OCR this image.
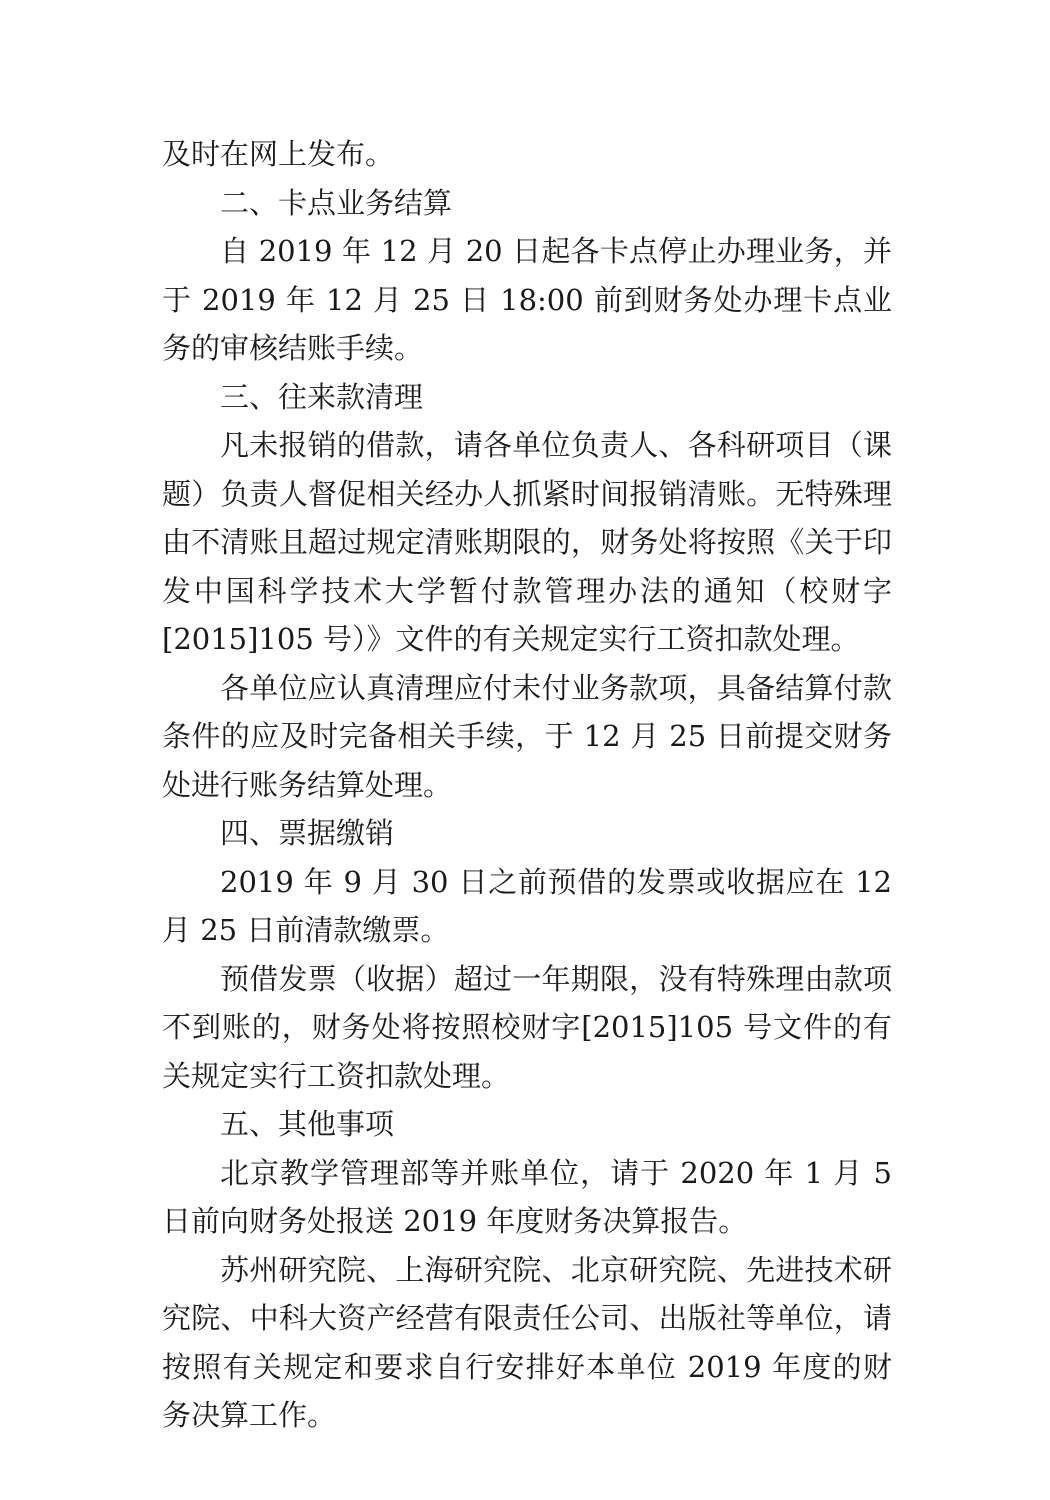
及时在网上发布。

二、卡点业务结算

自 2019 年 12 月 20 日起各卡点停止办理业务，并于 2019 年 12 月 25 日 18:00 前到财务处办理卡点业务的审核结账手续。

三、往来款清理

凡未报销的借款，请各单位负责人、各科研项目（课题）负责人督促相关经办人抓紧时间报销清账。无特殊理由不清账且超过规定清账期限的，财务处将按照《关于印发中国科学技术大学暂付款管理办法的通知（校财字[2015]105 号）》文件的有关规定实行工资扣款处理。

各单位应认真清理应付未付业务款项，具备结算付款条件的应及时完备相关手续，于 12 月 25 日前提交财务处进行账务结算处理。

四、票据缴销

2019 年 9 月 30 日之前预借的发票或收据应在 12 月 25 日前清款缴票。

预借发票（收据）超过一年期限，没有特殊理由款项不到账的，财务处将按照校财字[2015]105 号文件的有关规定实行工资扣款处理。

五、其他事项

北京教学管理部等并账单位，请于 2020 年 1 月 5 日前向财务处报送 2019 年度财务决算报告。

苏州研究院、上海研究院、北京研究院、先进技术研究院、中科大资产经营有限责任公司、出版社等单位，请按照有关规定和要求自行安排好本单位 2019 年度的财务决算工作。
